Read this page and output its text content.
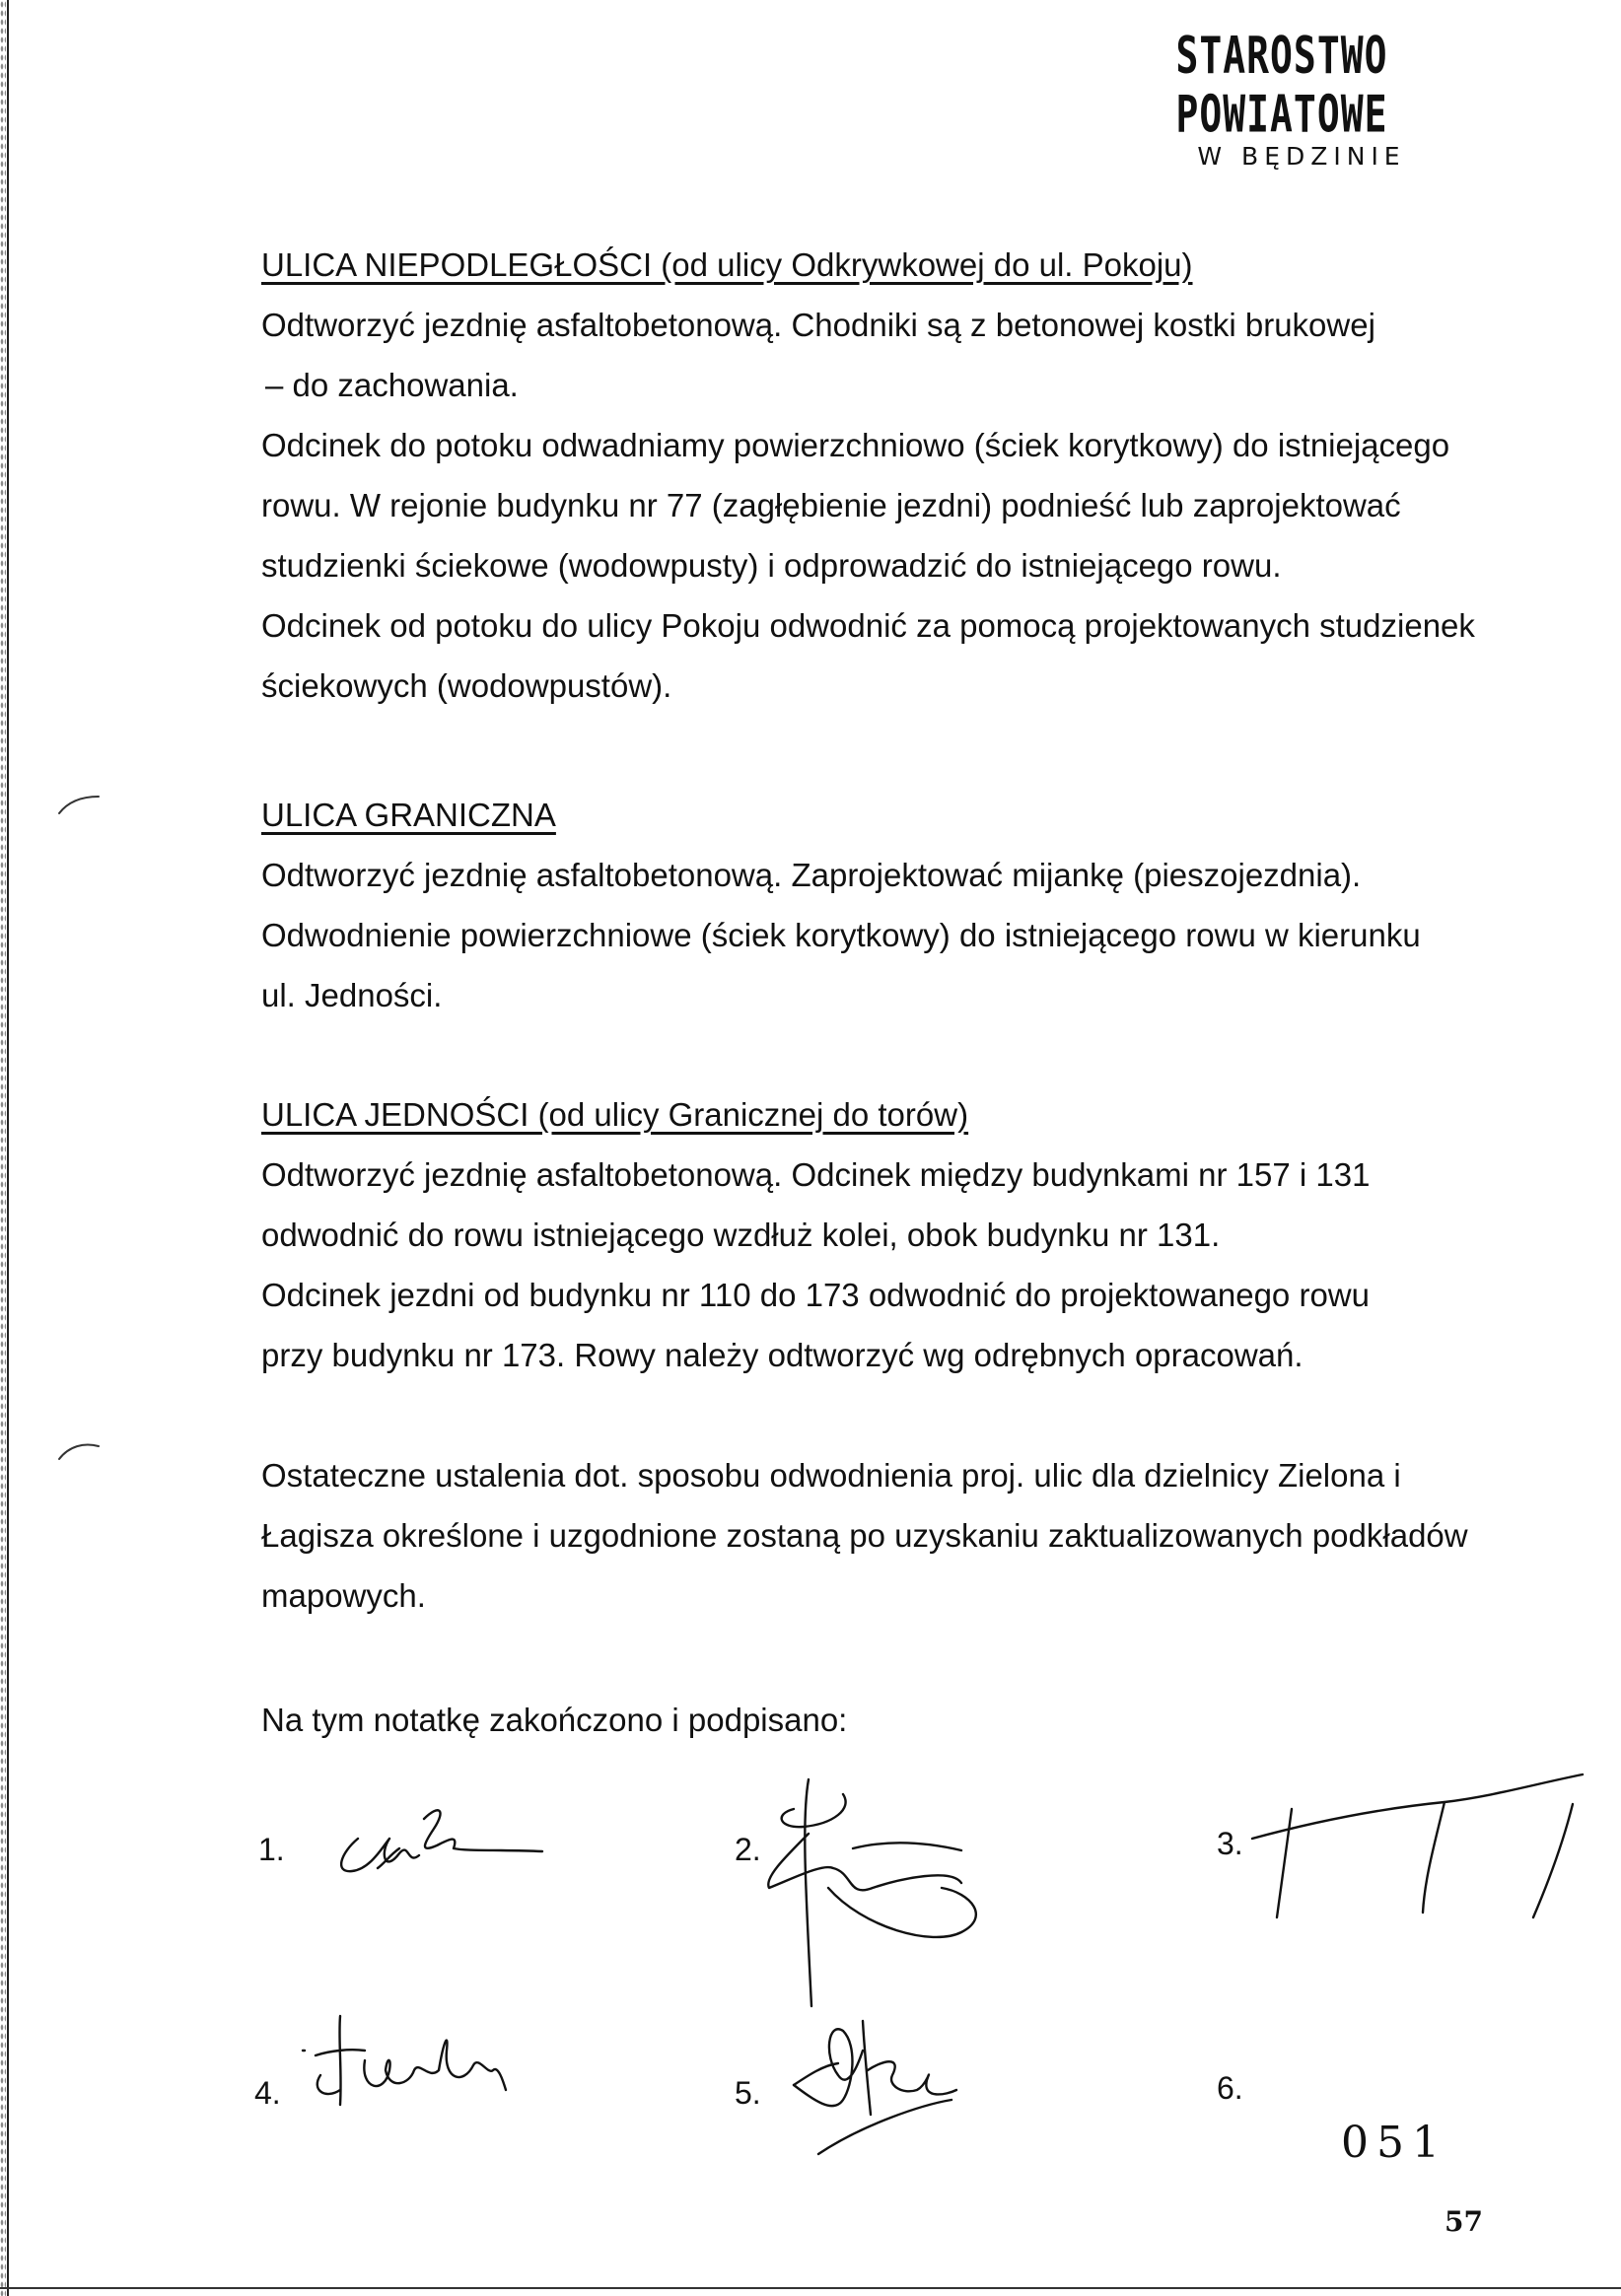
STAROSTWO POWIATOWE
W BĘDZINIE
ULICA NIEPODLEGŁOŚCI (od ulicy Odkrywkowej do ul. Pokoju)
Odtworzyć jezdnię asfaltobetonową. Chodniki są z betonowej kostki brukowej
– do zachowania.
Odcinek do potoku odwadniamy powierzchniowo (ściek korytkowy) do istniejącego
rowu. W rejonie budynku nr 77 (zagłębienie jezdni) podnieść lub zaprojektować
studzienki ściekowe (wodowpusty) i odprowadzić do istniejącego rowu.
Odcinek od potoku do ulicy Pokoju odwodnić za pomocą projektowanych studzienek
ściekowych (wodowpustów).
ULICA GRANICZNA
Odtworzyć jezdnię asfaltobetonową. Zaprojektować mijankę (pieszojezdnia).
Odwodnienie powierzchniowe (ściek korytkowy) do istniejącego rowu w kierunku
ul. Jedności.
ULICA JEDNOŚCI (od ulicy Granicznej do torów)
Odtworzyć jezdnię asfaltobetonową. Odcinek między budynkami nr 157 i 131
odwodnić do rowu istniejącego wzdłuż kolei, obok budynku nr 131.
Odcinek jezdni od budynku nr 110 do 173 odwodnić do projektowanego rowu
przy budynku nr 173. Rowy należy odtworzyć wg odrębnych opracowań.
Ostateczne ustalenia dot. sposobu odwodnienia proj. ulic dla dzielnicy Zielona i
Łagisza określone i uzgodnione zostaną po uzyskaniu zaktualizowanych podkładów
mapowych.
Na tym notatkę zakończono i podpisano:
1.	2.	3.
4.	5.	6.
051
57
